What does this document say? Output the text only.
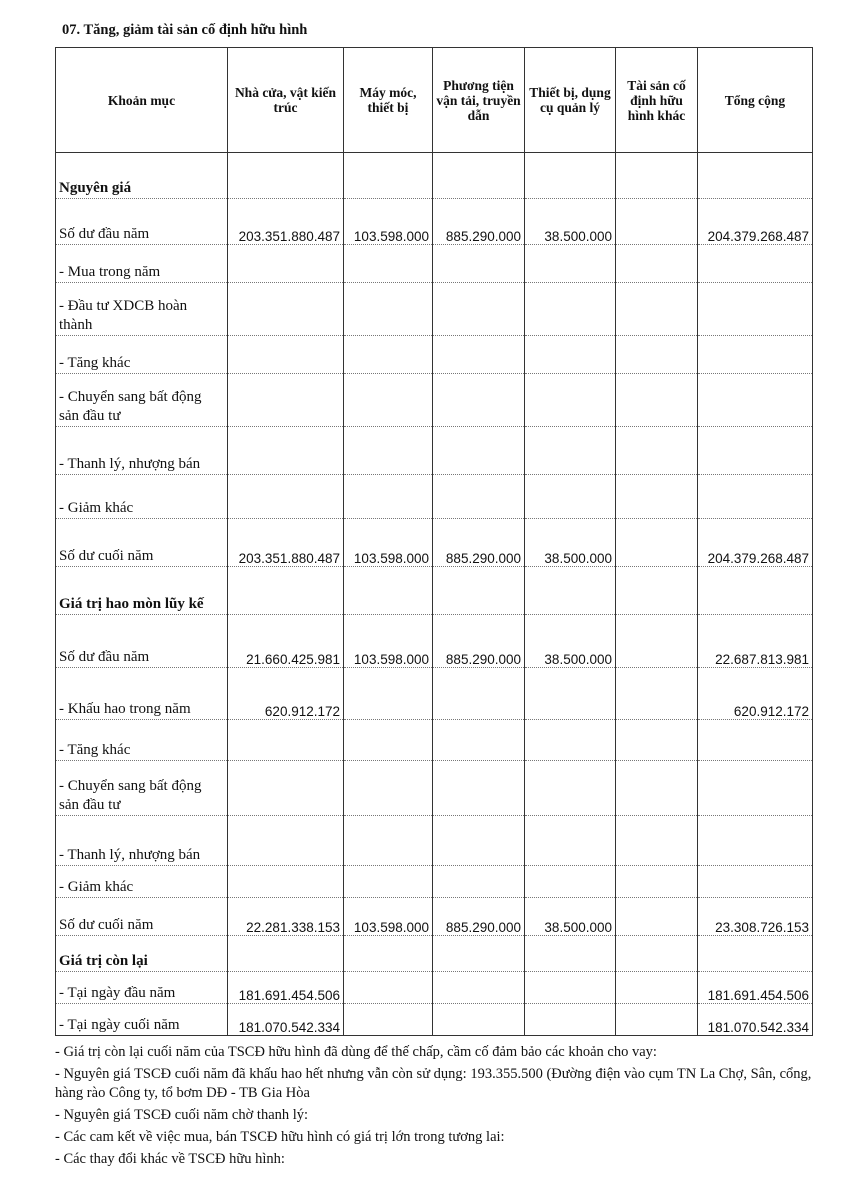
07. Tăng, giảm tài sản cố định hữu hình
Khoản mục	Nhà cửa, vật kiến trúc	Máy móc, thiết bị	Phương tiện vận tải, truyền dẫn	Thiết bị, dụng cụ quản lý	Tài sản cố định hữu hình khác	Tổng cộng
Nguyên giá						
Số dư đầu năm	203.351.880.487	103.598.000	885.290.000	38.500.000		204.379.268.487
- Mua trong năm						
- Đầu tư XDCB hoàn thành						
- Tăng khác						
- Chuyển sang bất động sản đầu tư						
- Thanh lý, nhượng bán						
- Giảm khác						
Số dư cuối năm	203.351.880.487	103.598.000	885.290.000	38.500.000		204.379.268.487
Giá trị hao mòn lũy kế						
Số dư đầu năm	21.660.425.981	103.598.000	885.290.000	38.500.000		22.687.813.981
- Khấu hao trong năm	620.912.172					620.912.172
- Tăng khác						
- Chuyển sang bất động sản đầu tư						
- Thanh lý, nhượng bán						
- Giảm khác						
Số dư cuối năm	22.281.338.153	103.598.000	885.290.000	38.500.000		23.308.726.153
Giá trị còn lại						
- Tại ngày đầu năm	181.691.454.506					181.691.454.506
- Tại ngày cuối năm	181.070.542.334					181.070.542.334

- Giá trị còn lại cuối năm của TSCĐ hữu hình đã dùng để thế chấp, cầm cố đảm bảo các khoản cho vay:

- Nguyên giá TSCĐ cuối năm đã khấu hao hết nhưng vẫn còn sử dụng: 193.355.500 (Đường điện vào cụm TN La Chợ, Sân, cổng, hàng rào Công ty, tổ bơm DĐ - TB Gia Hòa

- Nguyên giá TSCĐ cuối năm chờ thanh lý:

- Các cam kết về việc mua, bán TSCĐ hữu hình có giá trị lớn trong tương lai:

- Các thay đổi khác về TSCĐ hữu hình:
